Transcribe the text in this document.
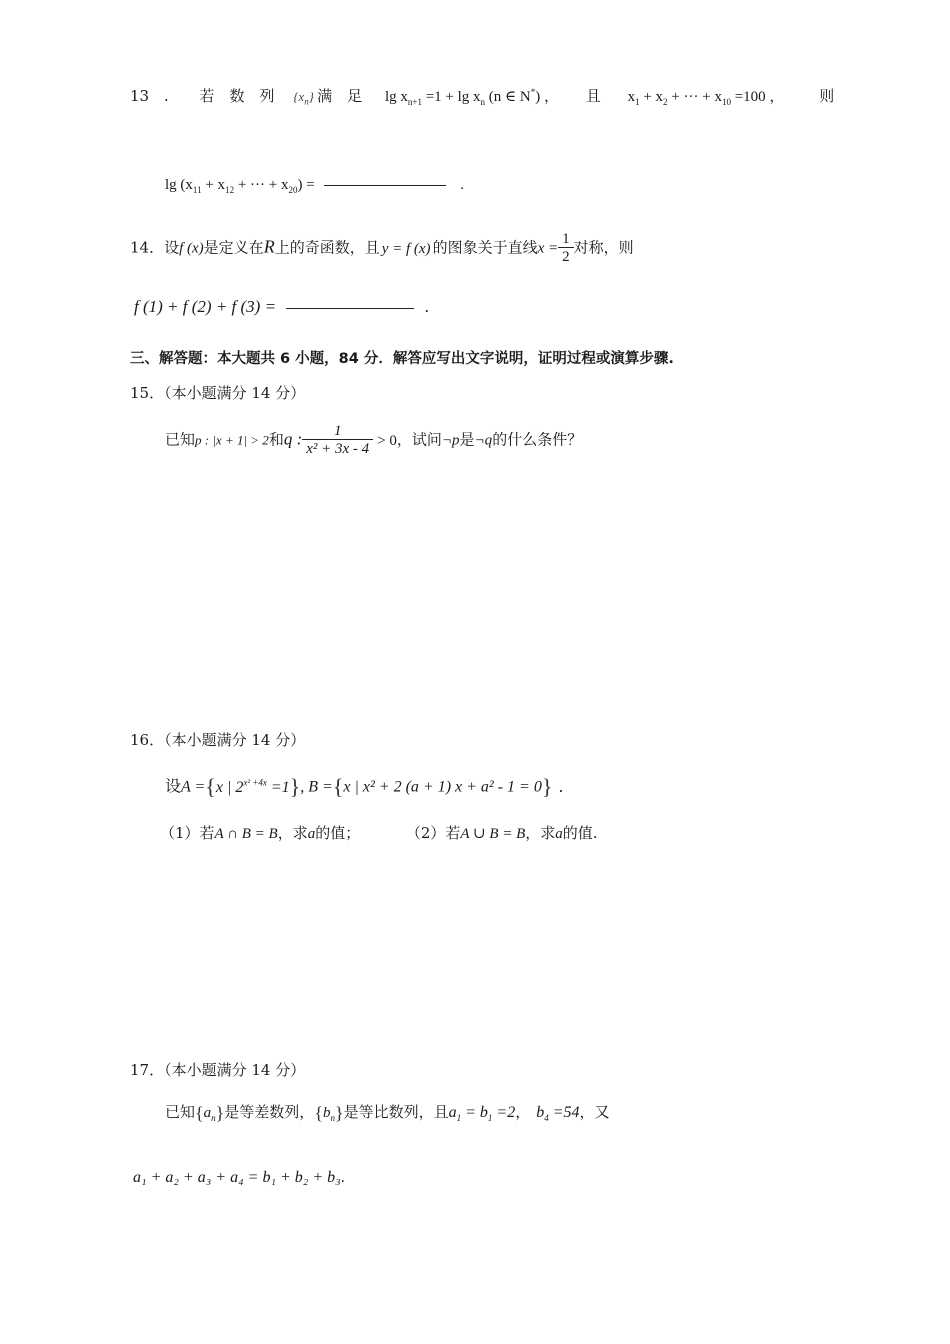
13 . 若　数　列 $\{x_n\}$ 满　足 $\lg x_{n+1} =1 + \lg x_n$ (n ∈ N*) ， 且 $x_1 + x_2$ + ··· + $x_{10} =100$ ， 则
$\lg (x_{11} + x_{12}$ + ··· + $x_{20}$) =	.
14．设f (x)是定义在R上的奇函数，且 y = f (x) 的图象关于直线$x = \frac{1}{2}$ 对称，则
f (1) + f (2) + f (3) =	.
三、解答题：本大题共 6 小题，84 分．解答应写出文字说明，证明过程或演算步骤.
15．（本小题满分 14 分）
已知p : |x + 1| > 2和q : $\frac{1}{\text{x² + 3x - 4}} > 0$，试问¬p是¬q的什么条件？
16．（本小题满分 14 分）
设A ={x | $2^{x^2 +4x} =1$}, B ={x | x² + 2 (a + 1) x + a² - 1 = 0} .
（1）若A ∩ B = B，求a的值；	（2）若A ∪ B = B，求a的值.
17．（本小题满分 14 分）
已知$\{a_n\}$是等差数列，$\{b_n\}$是等比数列，且$a_1 = b_1 =2$， $b_4 =54$，又
a₁ + a₂ + a₃ + a₄ = b₁ + b₂ + b₃.
